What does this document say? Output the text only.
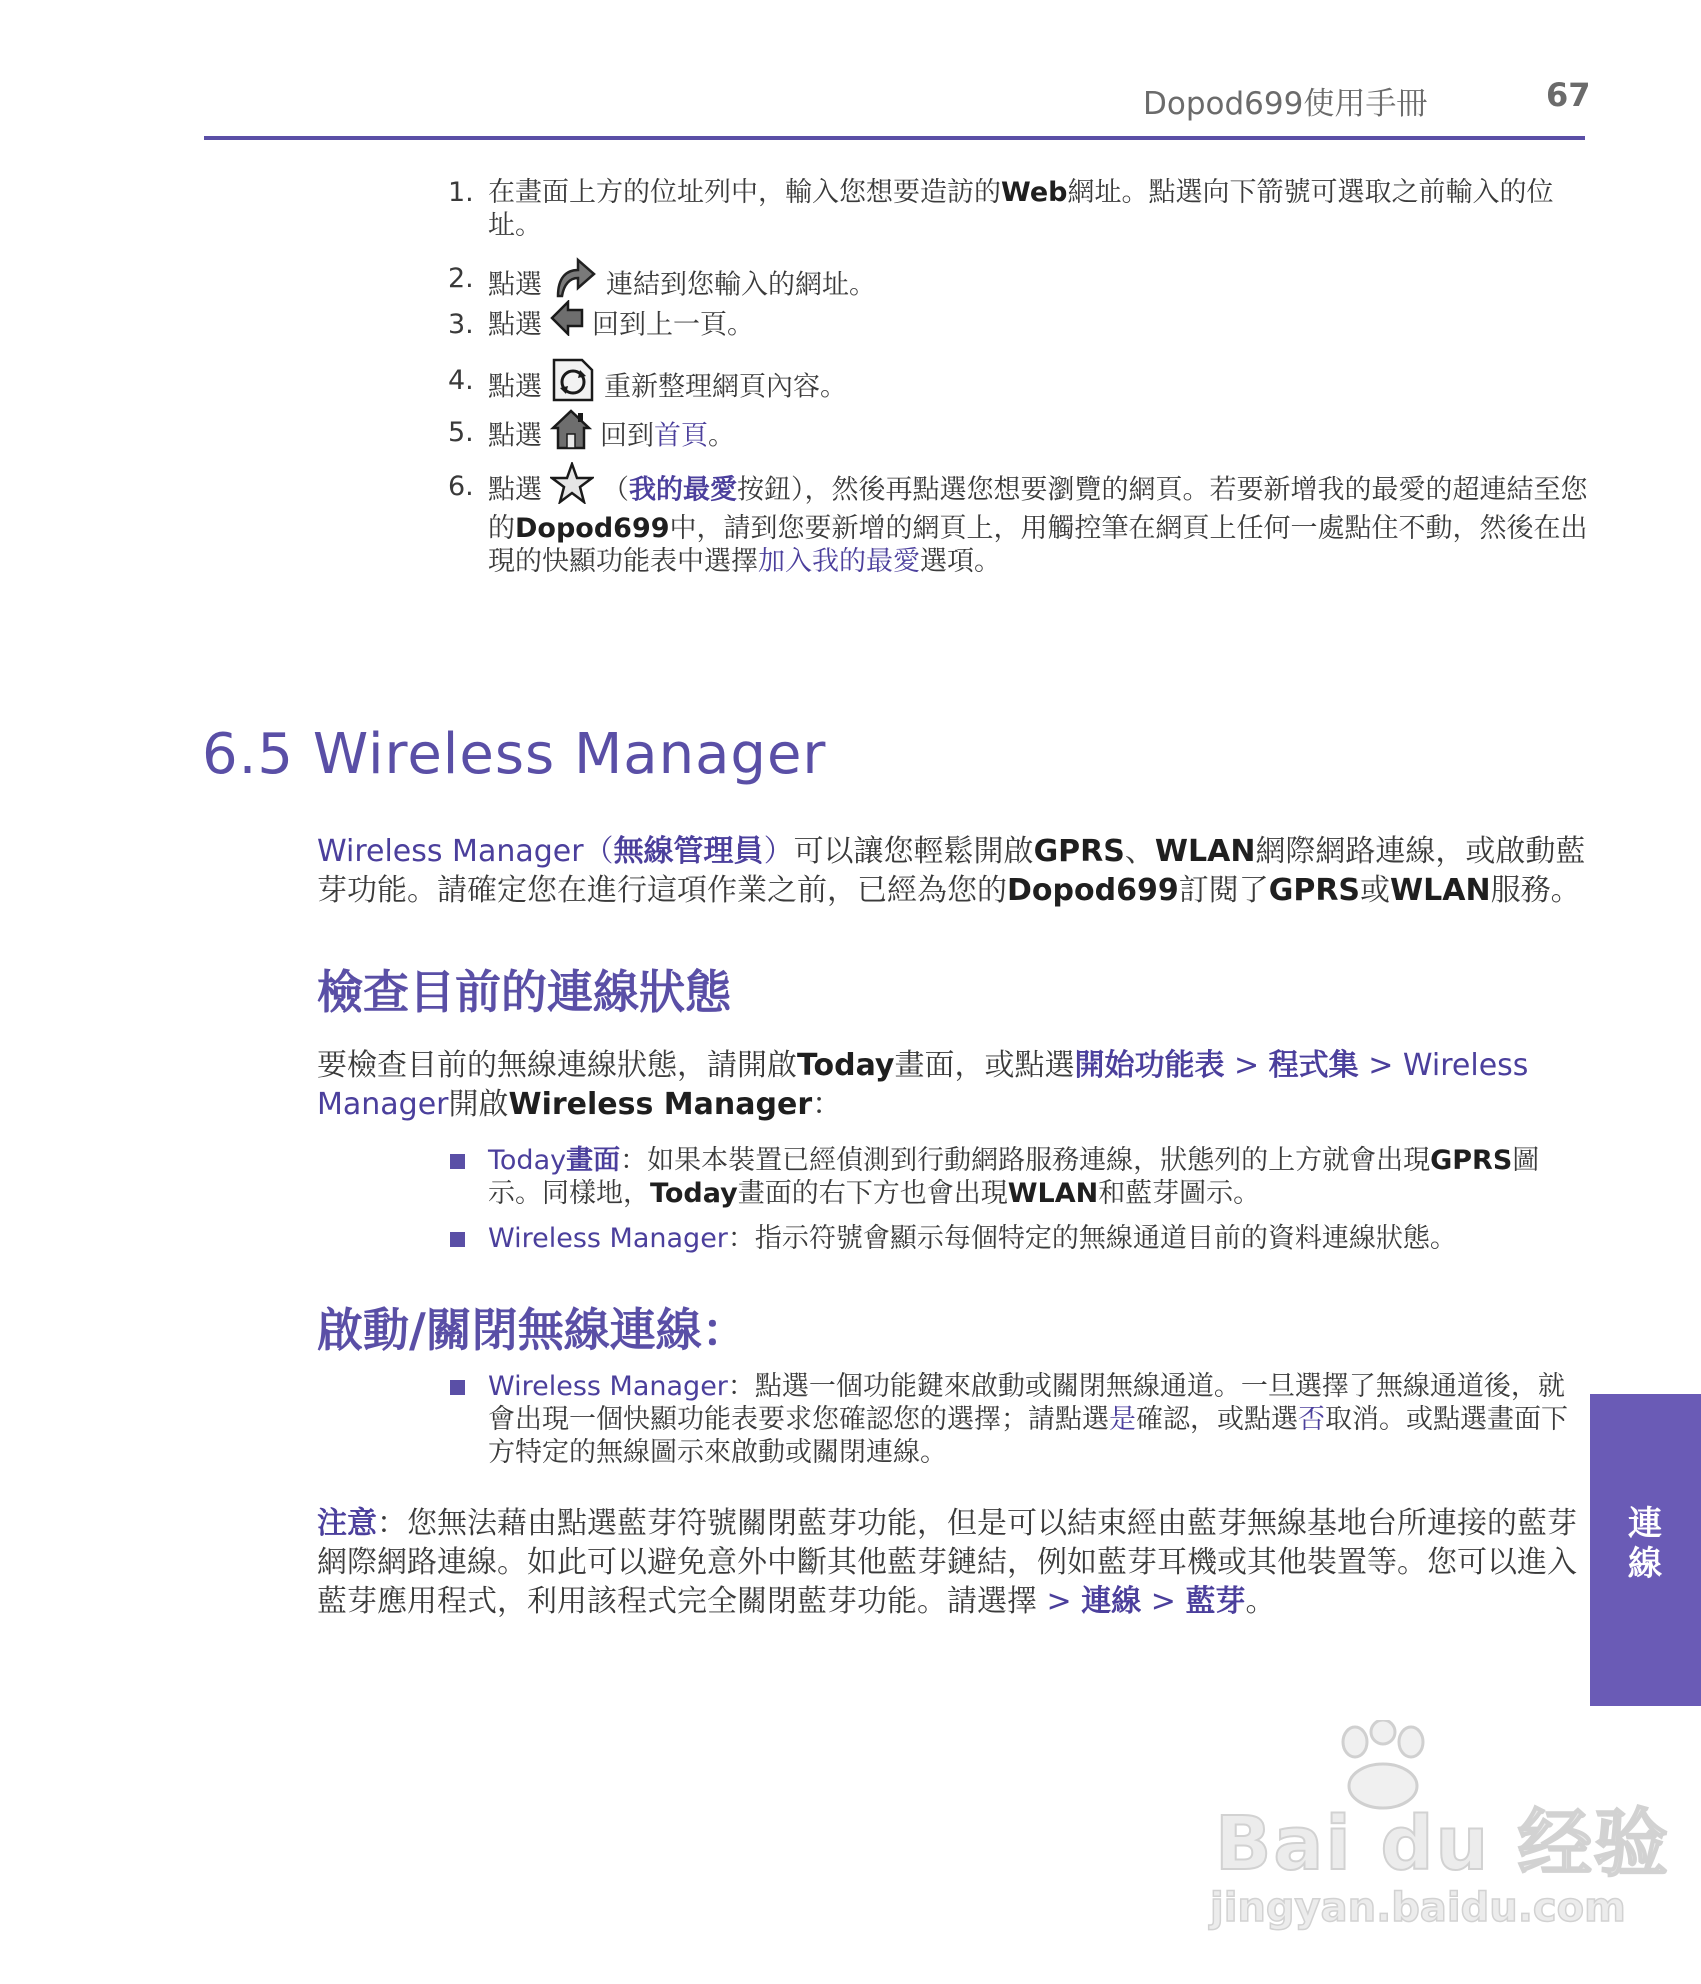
Dopod699使用手冊	67
1. 在畫面上方的位址列中，輸入您想要造訪的Web網址。點選向下箭號可選取之前輸入的位址。
2. 點選 連結到您輸入的網址。
3. 點選 回到上一頁。
4. 點選 重新整理網頁內容。
5. 點選 回到首頁。
6. 點選 （我的最愛按鈕），然後再點選您想要瀏覽的網頁。若要新增我的最愛的超連結至您的Dopod699中，請到您要新增的網頁上，用觸控筆在網頁上任何一處點住不動，然後在出現的快顯功能表中選擇加入我的最愛選項。
6.5 Wireless Manager
Wireless Manager（無線管理員）可以讓您輕鬆開啟GPRS、WLAN網際網路連線，或啟動藍芽功能。請確定您在進行這項作業之前，已經為您的Dopod699訂閱了GPRS或WLAN服務。
檢查目前的連線狀態
要檢查目前的無線連線狀態，請開啟Today畫面，或點選開始功能表 > 程式集 > Wireless Manager開啟Wireless Manager：
Today畫面：如果本裝置已經偵測到行動網路服務連線，狀態列的上方就會出現GPRS圖示。同樣地，Today畫面的右下方也會出現WLAN和藍芽圖示。
Wireless Manager：指示符號會顯示每個特定的無線通道目前的資料連線狀態。
啟動/關閉無線連線：
Wireless Manager：點選一個功能鍵來啟動或關閉無線通道。一旦選擇了無線通道後，就會出現一個快顯功能表要求您確認您的選擇；請點選是確認，或點選否取消。或點選畫面下方特定的無線圖示來啟動或關閉連線。
注意：您無法藉由點選藍芽符號關閉藍芽功能，但是可以結束經由藍芽無線基地台所連接的藍芽網際網路連線。如此可以避免意外中斷其他藍芽鏈結，例如藍芽耳機或其他裝置等。您可以進入藍芽應用程式，利用該程式完全關閉藍芽功能。請選擇 > 連線 > 藍芽。
連線
Bai du 经验
jingyan.baidu.com
